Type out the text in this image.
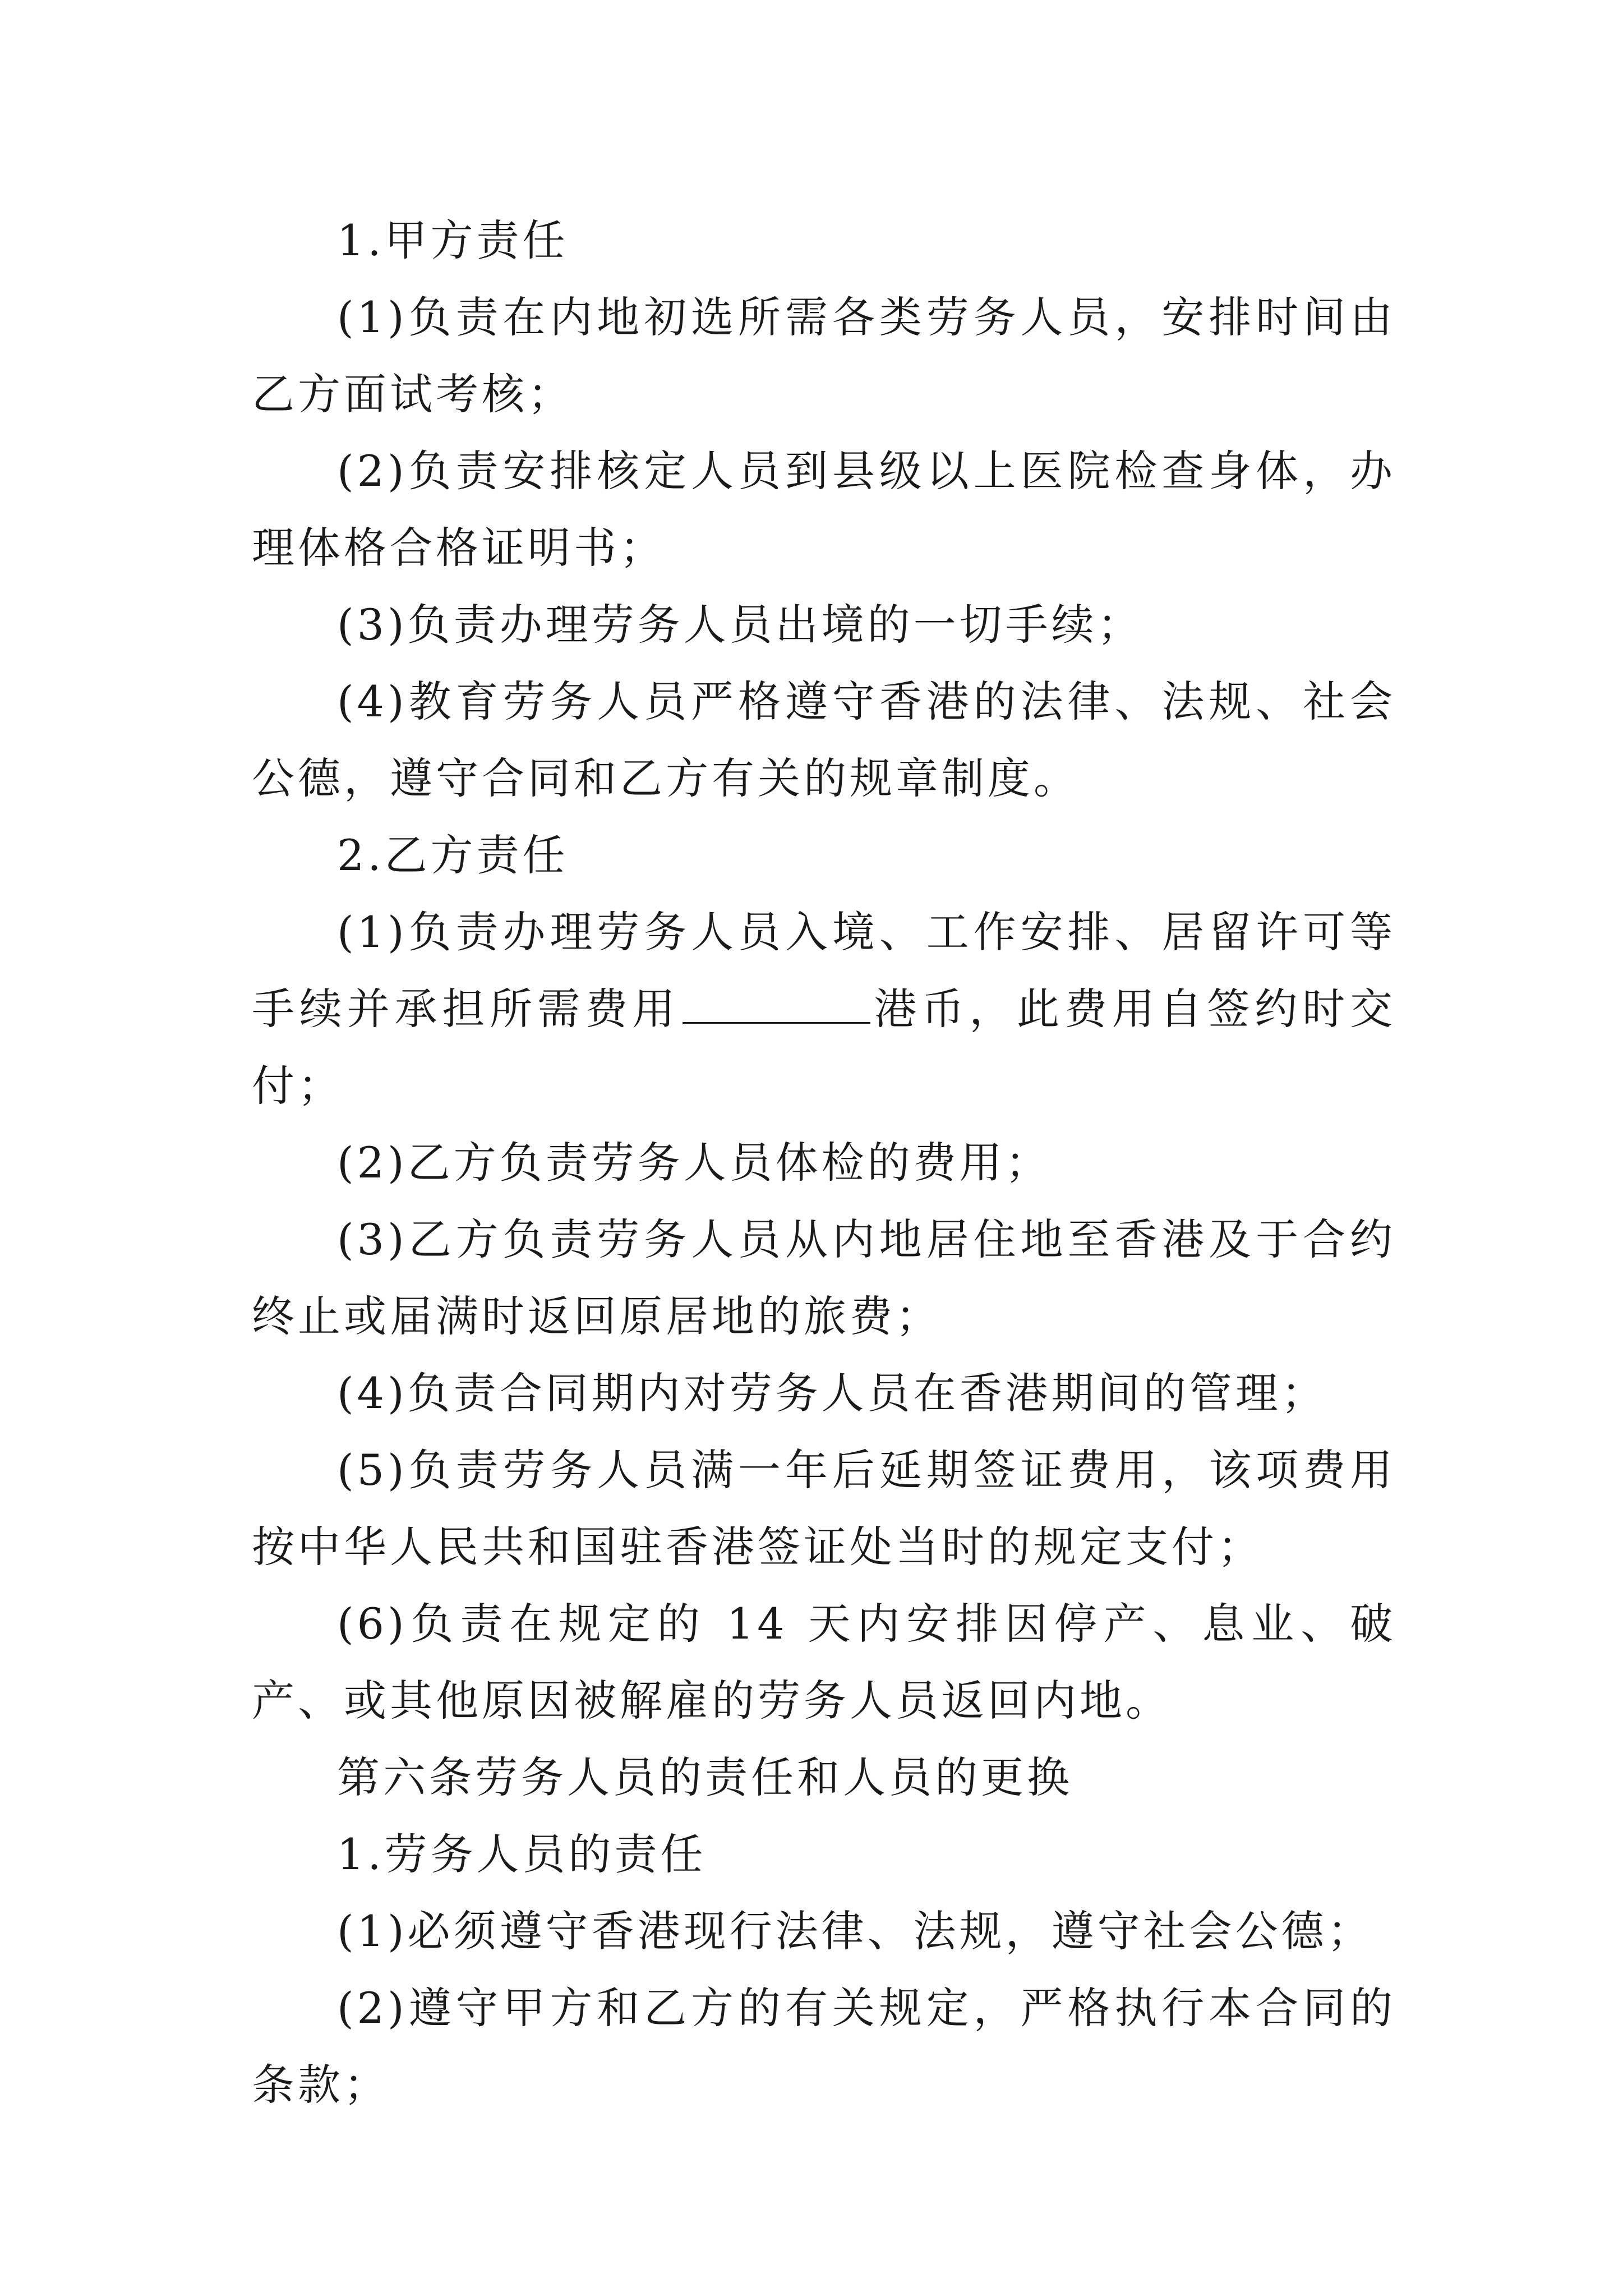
1.甲方责任

(1)负责在内地初选所需各类劳务人员，安排时间由乙方面试考核；

(2)负责安排核定人员到县级以上医院检查身体，办理体格合格证明书；

(3)负责办理劳务人员出境的一切手续；

(4)教育劳务人员严格遵守香港的法律、法规、社会公德，遵守合同和乙方有关的规章制度。

2.乙方责任

(1)负责办理劳务人员入境、工作安排、居留许可等手续并承担所需费用	港币，此费用自签约时交付；

(2)乙方负责劳务人员体检的费用；

(3)乙方负责劳务人员从内地居住地至香港及于合约终止或届满时返回原居地的旅费；

(4)负责合同期内对劳务人员在香港期间的管理；

(5)负责劳务人员满一年后延期签证费用，该项费用按中华人民共和国驻香港签证处当时的规定支付；

(6)负责在规定的 14 天内安排因停产、息业、破产、或其他原因被解雇的劳务人员返回内地。

第六条劳务人员的责任和人员的更换

1.劳务人员的责任

(1)必须遵守香港现行法律、法规，遵守社会公德；

(2)遵守甲方和乙方的有关规定，严格执行本合同的条款；
